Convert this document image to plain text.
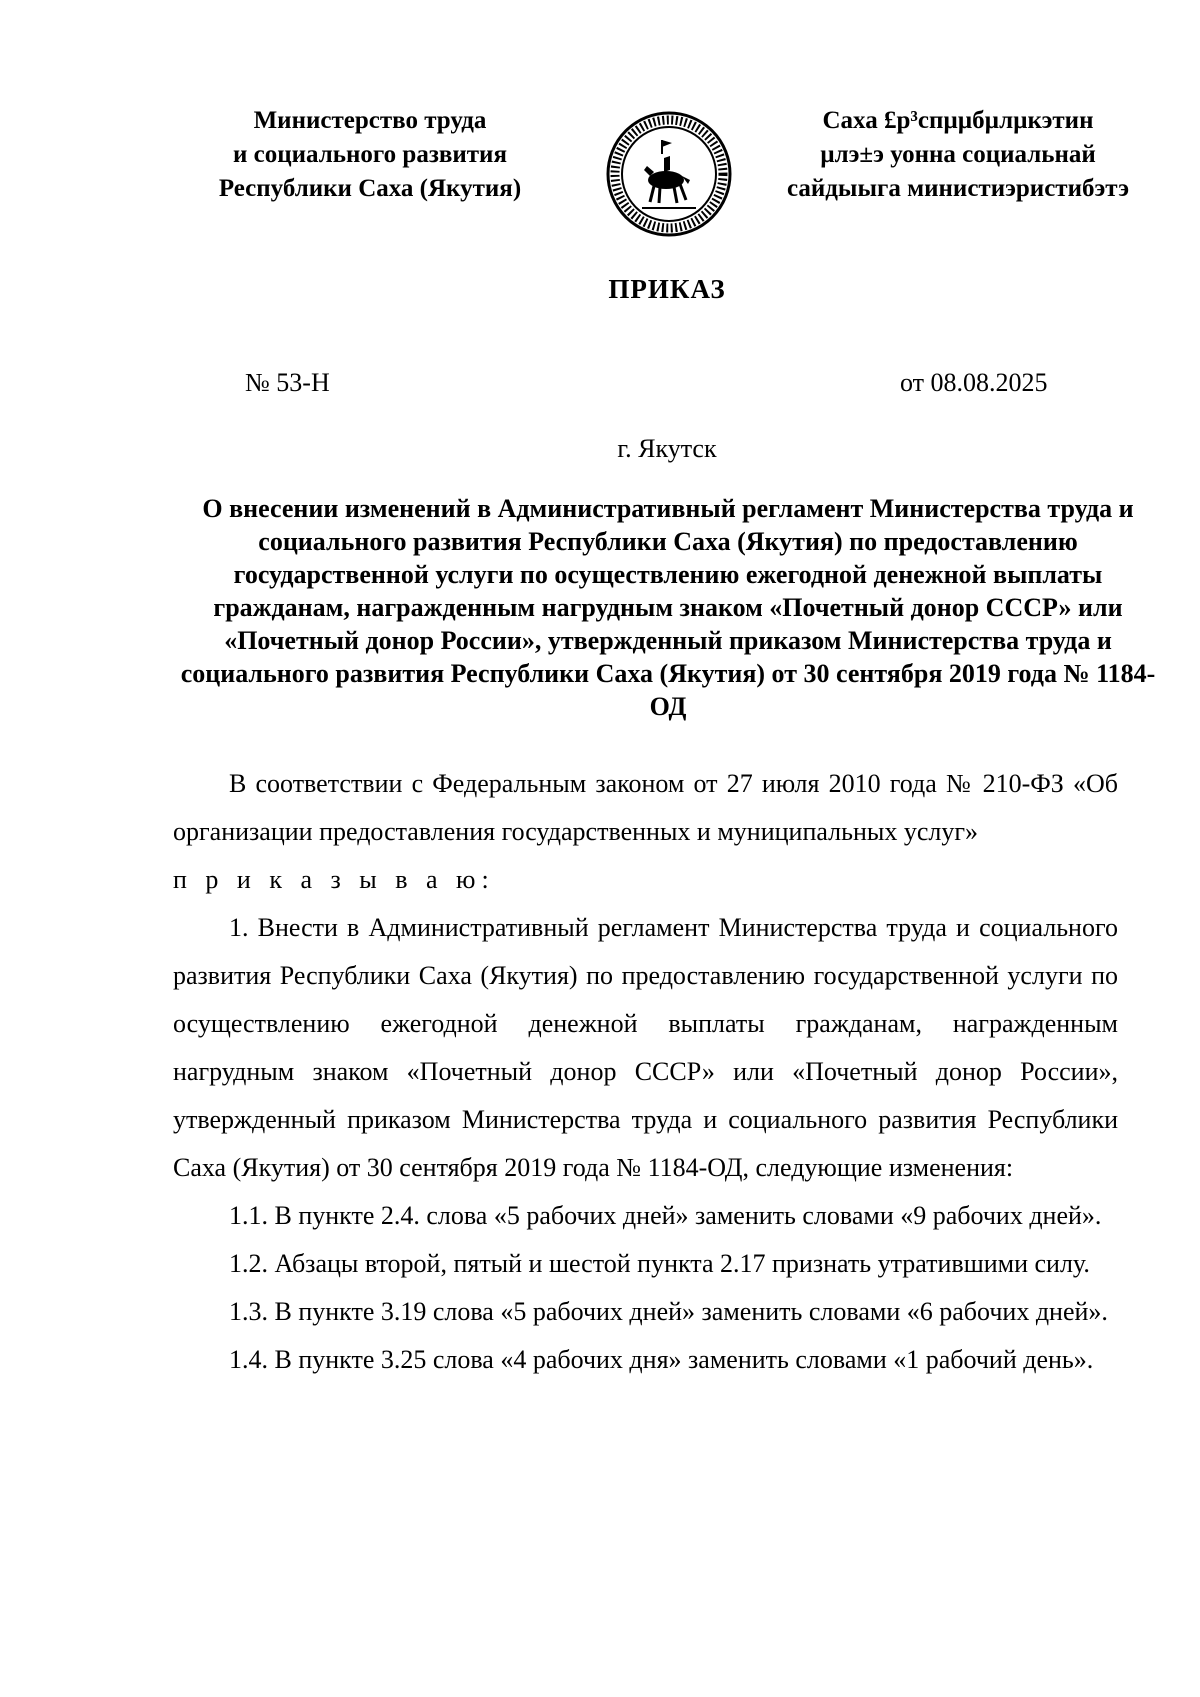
Министерство труда
и социального развития
Республики Саха (Якутия)
Саха £р³спµµбµлµкэтин
µлэ±э уонна социальнай
сайдыыга министиэристибэтэ
ПРИКАЗ
№ 53-Н	от 08.08.2025
г. Якутск
О внесении изменений в Административный регламент Министерства труда и социального развития Республики Саха (Якутия) по предоставлению государственной услуги по осуществлению ежегодной денежной выплаты гражданам, награжденным нагрудным знаком «Почетный донор СССР» или «Почетный донор России», утвержденный приказом Министерства труда и социального развития Республики Саха (Якутия) от 30 сентября 2019 года № 1184-ОД

В соответствии с Федеральным законом от 27 июля 2010 года № 210-ФЗ «Об организации предоставления государственных и муниципальных услуг»

п р и к а з ы в а ю:

1. Внести в Административный регламент Министерства труда и социального развития Республики Саха (Якутия) по предоставлению государственной услуги по осуществлению ежегодной денежной выплаты гражданам, награжденным нагрудным знаком «Почетный донор СССР» или «Почетный донор России», утвержденный приказом Министерства труда и социального развития Республики Саха (Якутия) от 30 сентября 2019 года № 1184-ОД, следующие изменения:

1.1. В пункте 2.4. слова «5 рабочих дней» заменить словами «9 рабочих дней».

1.2. Абзацы второй, пятый и шестой пункта 2.17 признать утратившими силу.

1.3. В пункте 3.19 слова «5 рабочих дней» заменить словами «6 рабочих дней».

1.4. В пункте 3.25 слова «4 рабочих дня» заменить словами «1 рабочий день».
